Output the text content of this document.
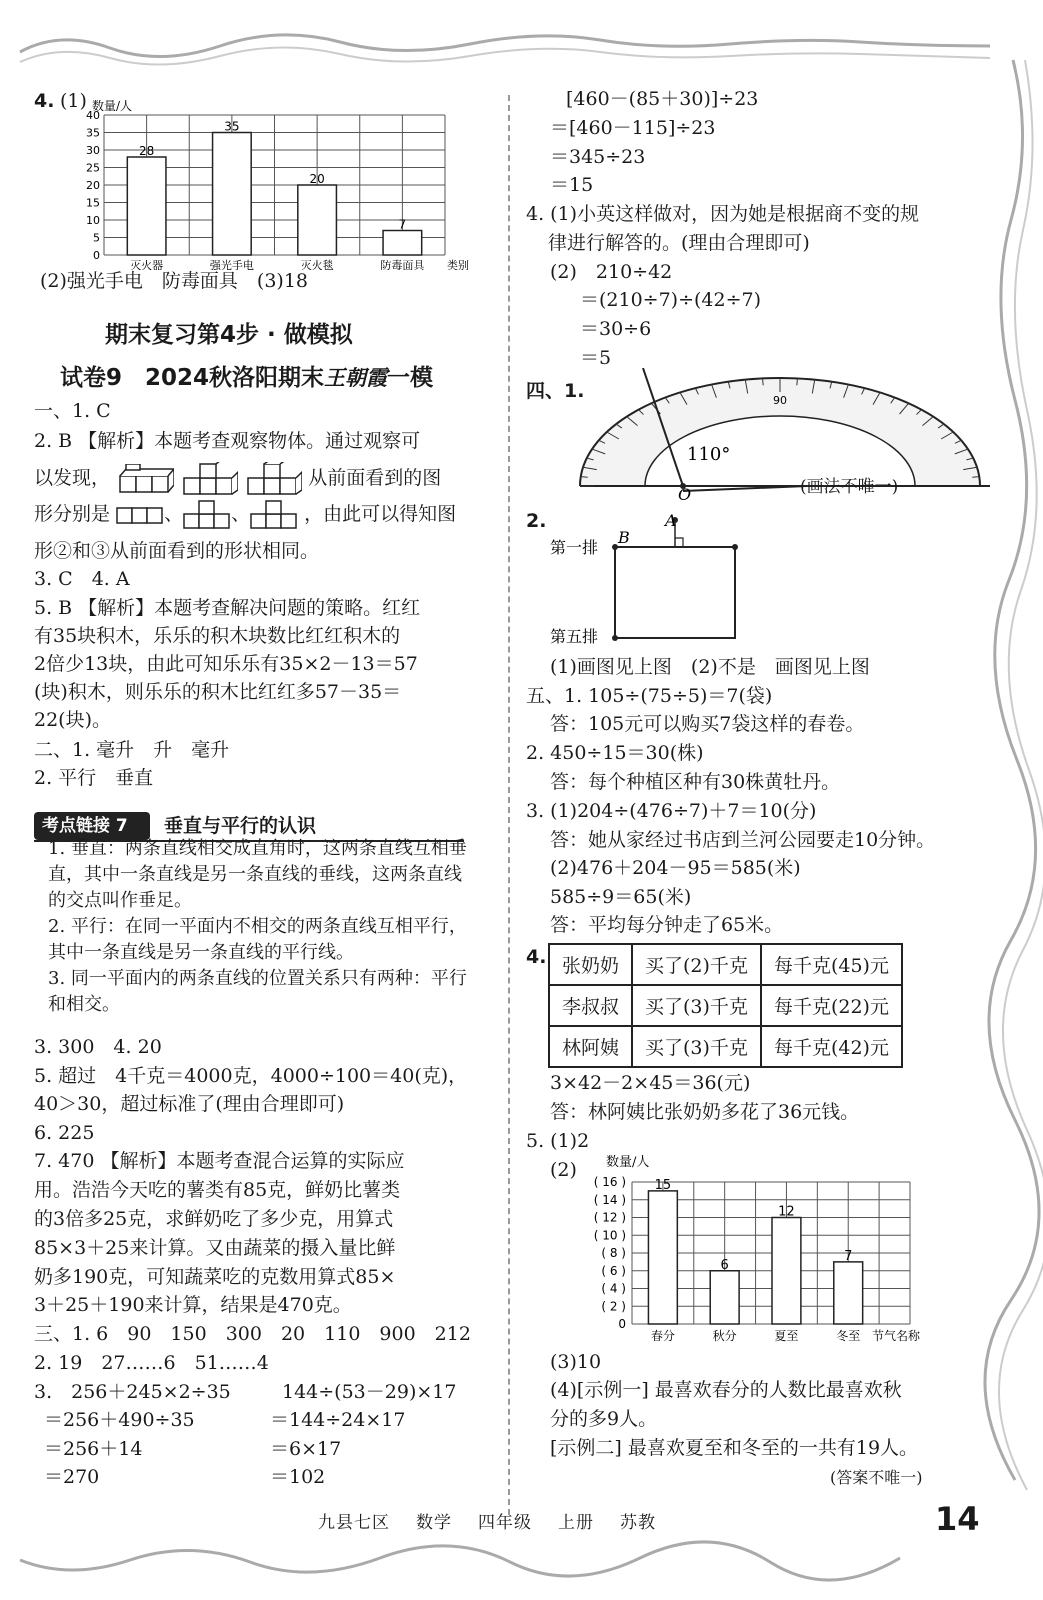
4. (1) 数量/人
0
5
10
15
20
25
30
35
40
28
灭火器
35
强光手电
20
灭火毯
7
防毒面具 类别
(2)强光手电　防毒面具　(3)18
期末复习第4步 · 做模拟
试卷9　2024秋洛阳期末王朝霞一模
一、1. C
2. B 【解析】本题考查观察物体。通过观察可
以发现，	从前面看到的图
形分别是	、	、	，由此可以得知图
形②和③从前面看到的形状相同。
3. C　4. A
5. B 【解析】本题考查解决问题的策略。红红
有35块积木，乐乐的积木块数比红红积木的
2倍少13块，由此可知乐乐有35×2－13＝57
(块)积木，则乐乐的积木比红红多57－35＝
22(块)。
二、1. 毫升　升　毫升
2. 平行　垂直
考点链接 7	垂直与平行的认识
1. 垂直：两条直线相交成直角时，这两条直线互相垂直，其中一条直线是另一条直线的垂线，这两条直线的交点叫作垂足。
2. 平行：在同一平面内不相交的两条直线互相平行，其中一条直线是另一条直线的平行线。
3. 同一平面内的两条直线的位置关系只有两种：平行和相交。
3. 300　4. 20
5. 超过　4千克＝4000克，4000÷100＝40(克)，
40＞30，超过标准了(理由合理即可)
6. 225
7. 470 【解析】本题考查混合运算的实际应
用。浩浩今天吃的薯类有85克，鲜奶比薯类
的3倍多25克，求鲜奶吃了多少克，用算式
85×3＋25来计算。又由蔬菜的摄入量比鲜
奶多190克，可知蔬菜吃的克数用算式85×
3＋25＋190来计算，结果是470克。
三、1. 6　90　150　300　20　110　900　212
2. 19　27……6　51……4
3.　256＋245×2÷35
＝256＋490÷35
＝256＋14
＝270
144÷(53－29)×17
＝144÷24×17
＝6×17
＝102
[460－(85＋30)]÷23
＝[460－115]÷23
＝345÷23
＝15
4. (1)小英这样做对，因为她是根据商不变的规
律进行解答的。(理由合理即可)
(2)　210÷42
＝(210÷7)÷(42÷7)
＝30÷6
＝5
四、1.	90
110°
O	(画法不唯一)
2.	A
B
第一排
第五排
(1)画图见上图　(2)不是　画图见上图
五、1. 105÷(75÷5)＝7(袋)
答：105元可以购买7袋这样的春卷。
2. 450÷15＝30(株)
答：每个种植区种有30株黄牡丹。
3. (1)204÷(476÷7)＋7＝10(分)
答：她从家经过书店到兰河公园要走10分钟。
(2)476＋204－95＝585(米)
585÷9＝65(米)
答：平均每分钟走了65米。
4. 张奶奶	买了(2)千克	每千克(45)元
李叔叔	买了(3)千克	每千克(22)元
林阿姨	买了(3)千克	每千克(42)元
3×42－2×45＝36(元)
答：林阿姨比张奶奶多花了36元钱。
5. (1)2
(2) 数量/人
0
( 2 )
( 4 )
( 6 )
( 8 )
( 10 )
( 12 )
( 14 )
( 16 ) 15
春分
6
秋分
12
夏至
7
冬至 节气名称
(3)10
(4)[示例一] 最喜欢春分的人数比最喜欢秋
分的多9人。
[示例二] 最喜欢夏至和冬至的一共有19人。
(答案不唯一)
九县七区 数学 四年级 上册 苏教	14
